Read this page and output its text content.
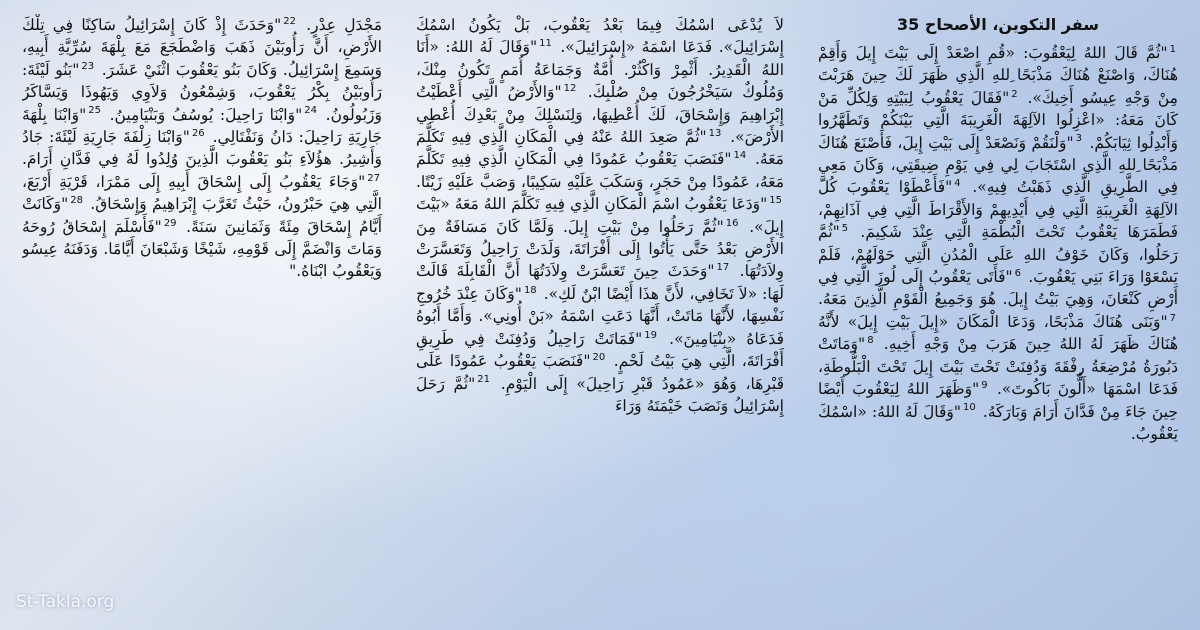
سفر التكوين، الأصحاح 35
$^1$"ثُمَّ قَالَ اللهُ لِيَعْقُوبَ: «قُمِ اصْعَدْ إِلَى بَيْتَ إِيلَ وَأَقِمْ هُنَاكَ، وَاصْنَعْ هُنَاكَ مَذْبَحًا ِللهِ الَّذِي ظَهَرَ لَكَ حِينَ هَرَبْتَ مِنْ وَجْهِ عِيسُو أَخِيكَ». $^2$"فَقَالَ يَعْقُوبُ لِبَيْتِهِ وَلِكُلِّ مَنْ كَانَ مَعَهُ: «اعْزِلُوا الآلِهَةَ الْغَرِيبَةَ الَّتِي بَيْنَكُمْ وَتَطَهَّرُوا وَأَبْدِلُوا ثِيَابَكُمْ. $^3$"وَلْنَقُمْ وَنَصْعَدْ إِلَى بَيْتِ إِيلَ، فَأَصْنَعَ هُنَاكَ مَذْبَحًا ِللهِ الَّذِي اسْتَجَابَ لِي فِي يَوْمِ ضِيقَتِي، وَكَانَ مَعِي فِي الطَّرِيقِ الَّذِي ذَهَبْتُ فِيهِ». $^4$"فَأَعْطَوْا يَعْقُوبَ كُلَّ الآلِهَةِ الْغَرِيبَةِ الَّتِي فِي أَيْدِيهِمْ وَالأَقْرَاطَ الَّتِي فِي آذَانِهِمْ، فَطَمَرَهَا يَعْقُوبُ تَحْتَ الْبُطْمَةِ الَّتِي عِنْدَ شَكِيمَ. $^5$"ثُمَّ رَحَلُوا، وَكَانَ خَوْفُ اللهِ عَلَى الْمُدُنِ الَّتِي حَوْلَهُمْ، فَلَمْ يَسْعَوْا وَرَاءَ بَنِي يَعْقُوبَ. $^6$"فَأَتَى يَعْقُوبُ إِلَى لُوزَ الَّتِي فِي أَرْضِ كَنْعَانَ، وَهِيَ بَيْتُ إِيلَ. هُوَ وَجَمِيعُ الْقَوْمِ الَّذِينَ مَعَهُ. $^7$"وَبَنَى هُنَاكَ مَذْبَحًا، وَدَعَا الْمَكَانَ «إِيلَ بَيْتِ إِيلَ» لأَنَّهُ هُنَاكَ ظَهَرَ لَهُ اللهُ حِينَ هَرَبَ مِنْ وَجْهِ أَخِيهِ. $^8$"وَمَاتَتْ دَبُورَةُ مُرْضِعَةُ رِفْقَةَ وَدُفِنَتْ تَحْتَ بَيْتَ إِيلَ تَحْتَ الْبَلُّوطَةِ، فَدَعَا اسْمَهَا «أَلُّونَ بَاكُوتَ». $^9$"وَظَهَرَ اللهُ لِيَعْقُوبَ أَيْضًا حِينَ جَاءَ مِنْ فَدَّانَ أَرَامَ وَبَارَكَهُ. $^{10}$"وَقَالَ لَهُ اللهُ: «اسْمُكَ يَعْقُوبُ.
لاَ يُدْعَى اسْمُكَ فِيمَا بَعْدُ يَعْقُوبَ، بَلْ يَكُونُ اسْمُكَ إِسْرَائِيلَ». فَدَعَا اسْمَهُ «إِسْرَائِيلَ». $^{11}$"وَقَالَ لَهُ اللهُ: «أَنَا اللهُ الْقَدِيرُ. أَثْمِرْ وَاكْثُرْ. أُمَّةٌ وَجَمَاعَةُ أُمَمٍ تَكُونُ مِنْكَ، وَمُلُوكٌ سَيَخْرُجُونَ مِنْ صُلْبِكَ. $^{12}$"وَالأَرْضُ الَّتِي أَعْطَيْتُ إِبْرَاهِيمَ وَإِسْحَاقَ، لَكَ أُعْطِيهَا، وَلِنَسْلِكَ مِنْ بَعْدِكَ أُعْطِي الأَرْضَ». $^{13}$"ثُمَّ صَعِدَ اللهُ عَنْهُ فِي الْمَكَانِ الَّذِي فِيهِ تَكَلَّمَ مَعَهُ. $^{14}$"فَنَصَبَ يَعْقُوبُ عَمُودًا فِي الْمَكَانِ الَّذِي فِيهِ تَكَلَّمَ مَعَهُ، عَمُودًا مِنْ حَجَرٍ، وَسَكَبَ عَلَيْهِ سَكِيبًا، وَصَبَّ عَلَيْهِ زَيْتًا. $^{15}$"وَدَعَا يَعْقُوبُ اسْمَ الْمَكَانِ الَّذِي فِيهِ تَكَلَّمَ اللهُ مَعَهُ «بَيْتَ إِيلَ». $^{16}$"ثُمَّ رَحَلُوا مِنْ بَيْتِ إِيلَ. وَلَمَّا كَانَ مَسَافَةٌ مِنَ الأَرْضِ بَعْدُ حَتَّى يَأْتُوا إِلَى أَفْرَاتَةَ، وَلَدَتْ رَاحِيلُ وَتَعَسَّرَتْ وِلاَدَتُهَا. $^{17}$"وَحَدَثَ حِينَ تَعَسَّرَتْ وِلاَدَتُهَا أَنَّ الْقَابِلَةَ قَالَتْ لَهَا: «لاَ تَخَافِي، لأَنَّ هذَا أَيْضًا ابْنٌ لَكِ». $^{18}$"وَكَانَ عِنْدَ خُرُوجِ نَفْسِهَا، لأَنَّهَا مَاتَتْ، أَنَّهَا دَعَتِ اسْمَهُ «بَنْ أُونِي». وَأَمَّا أَبُوهُ فَدَعَاهُ «بِنْيَامِينَ». $^{19}$"فَمَاتَتْ رَاحِيلُ وَدُفِنَتْ فِي طَرِيقِ أَفْرَاتَةَ، الَّتِي هِيَ بَيْتُ لَحْمٍ. $^{20}$"فَنَصَبَ يَعْقُوبُ عَمُودًا عَلَى قَبْرِهَا، وَهُوَ «عَمُودُ قَبْرِ رَاحِيلَ» إِلَى الْيَوْمِ. $^{21}$"ثُمَّ رَحَلَ إِسْرَائِيلُ وَنَصَبَ خَيْمَتَهُ وَرَاءَ
مَجْدَلِ عِدْرٍ. $^{22}$"وَحَدَثَ إِذْ كَانَ إِسْرَائِيلُ سَاكِنًا فِي تِلْكَ الأَرْضِ، أَنَّ رَأُوبَيْنَ ذَهَبَ وَاضْطَجَعَ مَعَ بِلْهَةَ سُرِّيَّةِ أَبِيهِ، وَسَمِعَ إِسْرَائِيلُ. وَكَانَ بَنُو يَعْقُوبَ اثْنَيْ عَشَرَ. $^{23}$"بَنُو لَيْئَةَ: رَأُوبَيْنُ بِكْرُ يَعْقُوبَ، وَشِمْعُونُ وَلاَوِي وَيَهُوذَا وَيَسَّاكَرُ وَزَبُولُونُ. $^{24}$"وَابْنَا رَاحِيلَ: يُوسُفُ وَبَنْيَامِينُ. $^{25}$"وَابْنَا بِلْهَةَ جَارِيَةِ رَاحِيلَ: دَانُ وَنَفْتَالِي. $^{26}$"وَابْنَا زِلْفَةَ جَارِيَةِ لَيْئَةَ: جَادُ وَأَشِيرُ. هؤُلاَءِ بَنُو يَعْقُوبَ الَّذِينَ وُلِدُوا لَهُ فِي فَدَّانِ أَرَامَ. $^{27}$"وَجَاءَ يَعْقُوبُ إِلَى إِسْحَاقَ أَبِيهِ إِلَى مَمْرَا، قَرْيَةِ أَرْبَعَ، الَّتِي هِيَ حَبْرُونُ، حَيْثُ تَغَرَّبَ إِبْرَاهِيمُ وَإِسْحَاقُ. $^{28}$"وَكَانَتْ أَيَّامُ إِسْحَاقَ مِئَةً وَثَمَانِينَ سَنَةً. $^{29}$"فَأَسْلَمَ إِسْحَاقُ رُوحَهُ وَمَاتَ وَانْضَمَّ إِلَى قَوْمِهِ، شَيْخًا وَشَبْعَانَ أَيَّامًا. وَدَفَنَهُ عِيسُو وَيَعْقُوبُ ابْنَاهُ."
St-Takla.org
